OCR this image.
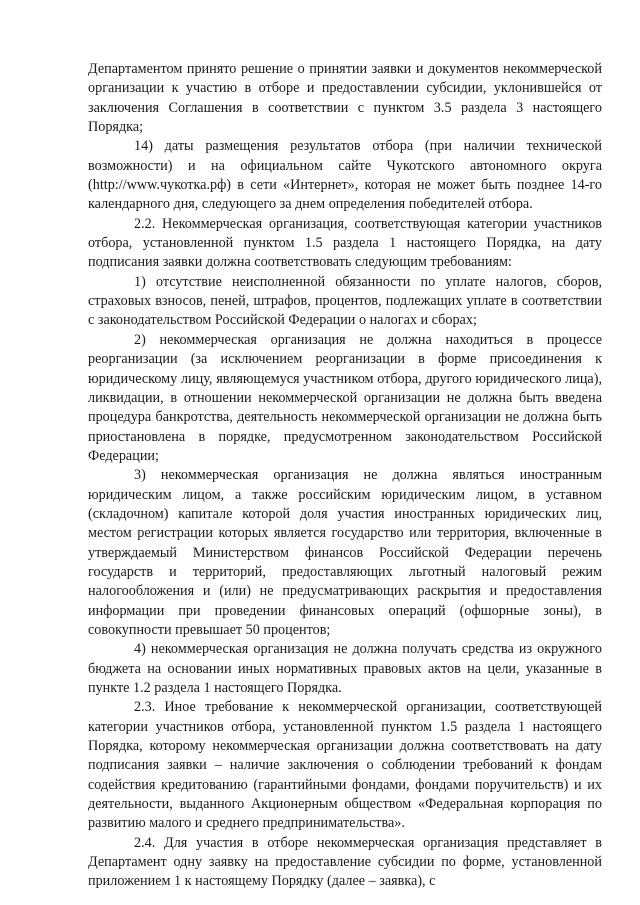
Департаментом принято решение о принятии заявки и документов некоммерческой организации к участию в отборе и предоставлении субсидии, уклонившейся от заключения Соглашения в соответствии с пунктом 3.5 раздела 3 настоящего Порядка;

14) даты размещения результатов отбора (при наличии технической возможности) и на официальном сайте Чукотского автономного округа (http://www.чукотка.рф) в сети «Интернет», которая не может быть позднее 14-го календарного дня, следующего за днем определения победителей отбора.

2.2. Некоммерческая организация, соответствующая категории участников отбора, установленной пунктом 1.5 раздела 1 настоящего Порядка, на дату подписания заявки должна соответствовать следующим требованиям:

1) отсутствие неисполненной обязанности по уплате налогов, сборов, страховых взносов, пеней, штрафов, процентов, подлежащих уплате в соответствии с законодательством Российской Федерации о налогах и сборах;

2) некоммерческая организация не должна находиться в процессе реорганизации (за исключением реорганизации в форме присоединения к юридическому лицу, являющемуся участником отбора, другого юридического лица), ликвидации, в отношении некоммерческой организации не должна быть введена процедура банкротства, деятельность некоммерческой организации не должна быть приостановлена в порядке, предусмотренном законодательством Российской Федерации;

3) некоммерческая организация не должна являться иностранным юридическим лицом, а также российским юридическим лицом, в уставном (складочном) капитале которой доля участия иностранных юридических лиц, местом регистрации которых является государство или территория, включенные в утверждаемый Министерством финансов Российской Федерации перечень государств и территорий, предоставляющих льготный налоговый режим налогообложения и (или) не предусматривающих раскрытия и предоставления информации при проведении финансовых операций (офшорные зоны), в совокупности превышает 50 процентов;

4) некоммерческая организация не должна получать средства из окружного бюджета на основании иных нормативных правовых актов на цели, указанные в пункте 1.2 раздела 1 настоящего Порядка.

2.3. Иное требование к некоммерческой организации, соответствующей категории участников отбора, установленной пунктом 1.5 раздела 1 настоящего Порядка, которому некоммерческая организации должна соответствовать на дату подписания заявки – наличие заключения о соблюдении требований к фондам содействия кредитованию (гарантийными фондами, фондами поручительств) и их деятельности, выданного Акционерным обществом «Федеральная корпорация по развитию малого и среднего предпринимательства».

2.4. Для участия в отборе некоммерческая организация представляет в Департамент одну заявку на предоставление субсидии по форме, установленной приложением 1 к настоящему Порядку (далее – заявка), с
